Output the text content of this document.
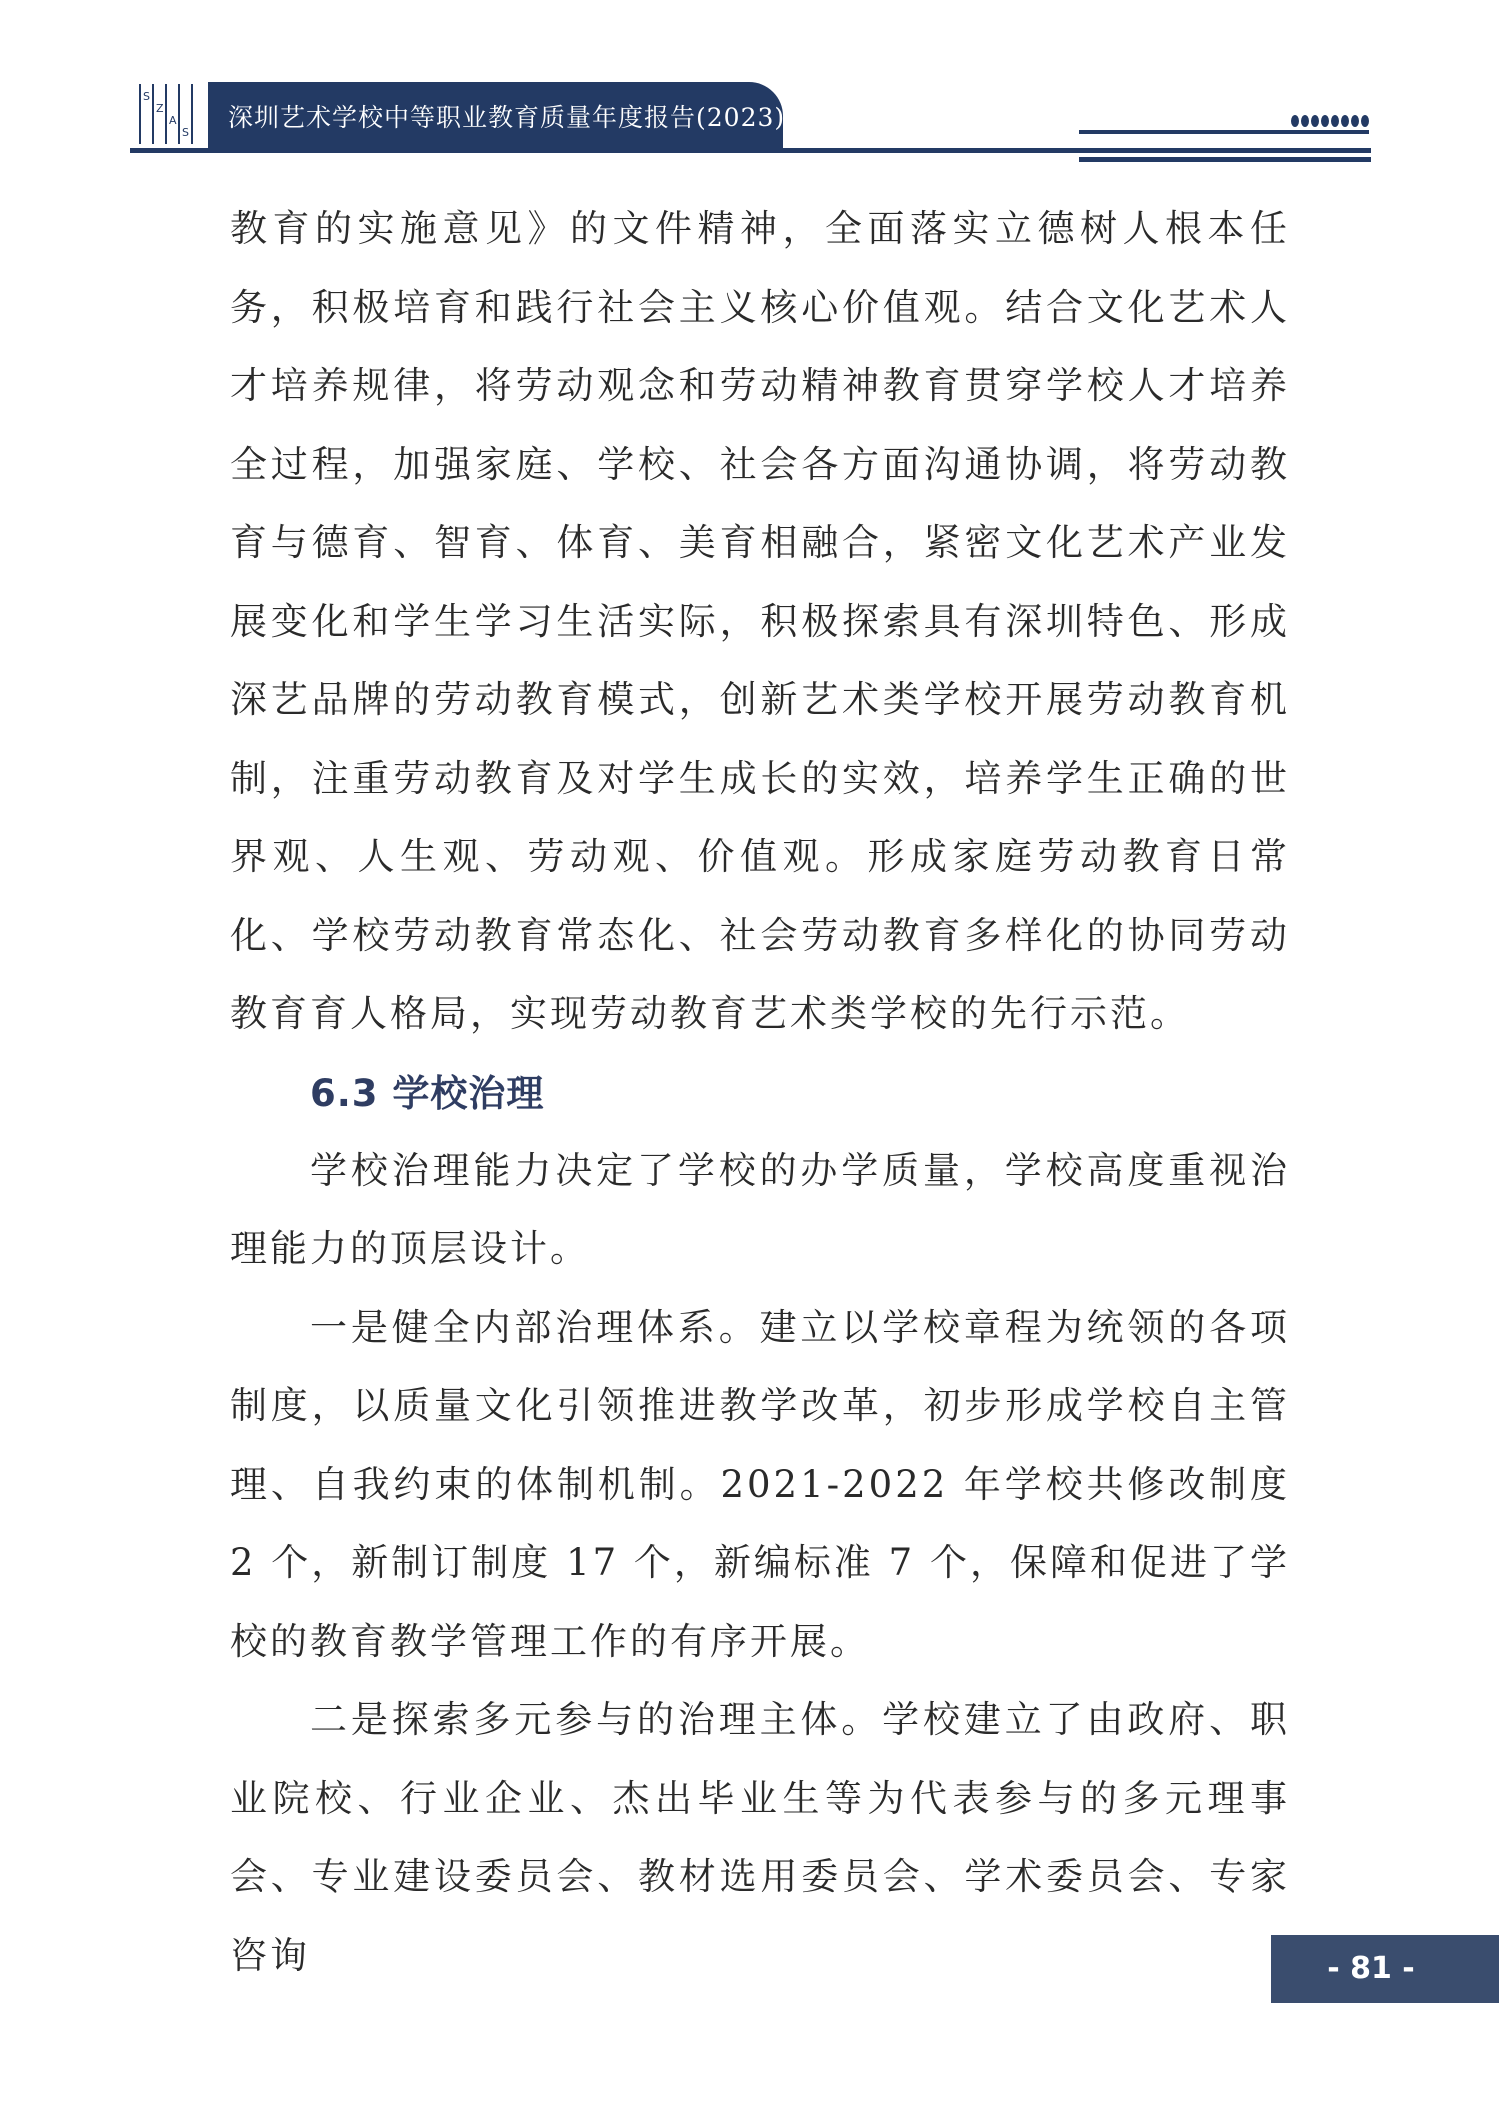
S
Z
A
S
深圳艺术学校中等职业教育质量年度报告(2023)

教育的实施意见》的文件精神，全面落实立德树人根本任务，积极培育和践行社会主义核心价值观。结合文化艺术人才培养规律，将劳动观念和劳动精神教育贯穿学校人才培养全过程，加强家庭、学校、社会各方面沟通协调，将劳动教育与德育、智育、体育、美育相融合，紧密文化艺术产业发展变化和学生学习生活实际，积极探索具有深圳特色、形成深艺品牌的劳动教育模式，创新艺术类学校开展劳动教育机制，注重劳动教育及对学生成长的实效，培养学生正确的世界观、人生观、劳动观、价值观。形成家庭劳动教育日常化、学校劳动教育常态化、社会劳动教育多样化的协同劳动教育育人格局，实现劳动教育艺术类学校的先行示范。

6.3 学校治理

学校治理能力决定了学校的办学质量，学校高度重视治理能力的顶层设计。

一是健全内部治理体系。建立以学校章程为统领的各项制度，以质量文化引领推进教学改革，初步形成学校自主管理、自我约束的体制机制。2021-2022 年学校共修改制度 2 个，新制订制度 17 个，新编标准 7 个，保障和促进了学校的教育教学管理工作的有序开展。

二是探索多元参与的治理主体。学校建立了由政府、职业院校、行业企业、杰出毕业生等为代表参与的多元理事会、专业建设委员会、教材选用委员会、学术委员会、专家咨询	- 81 -
